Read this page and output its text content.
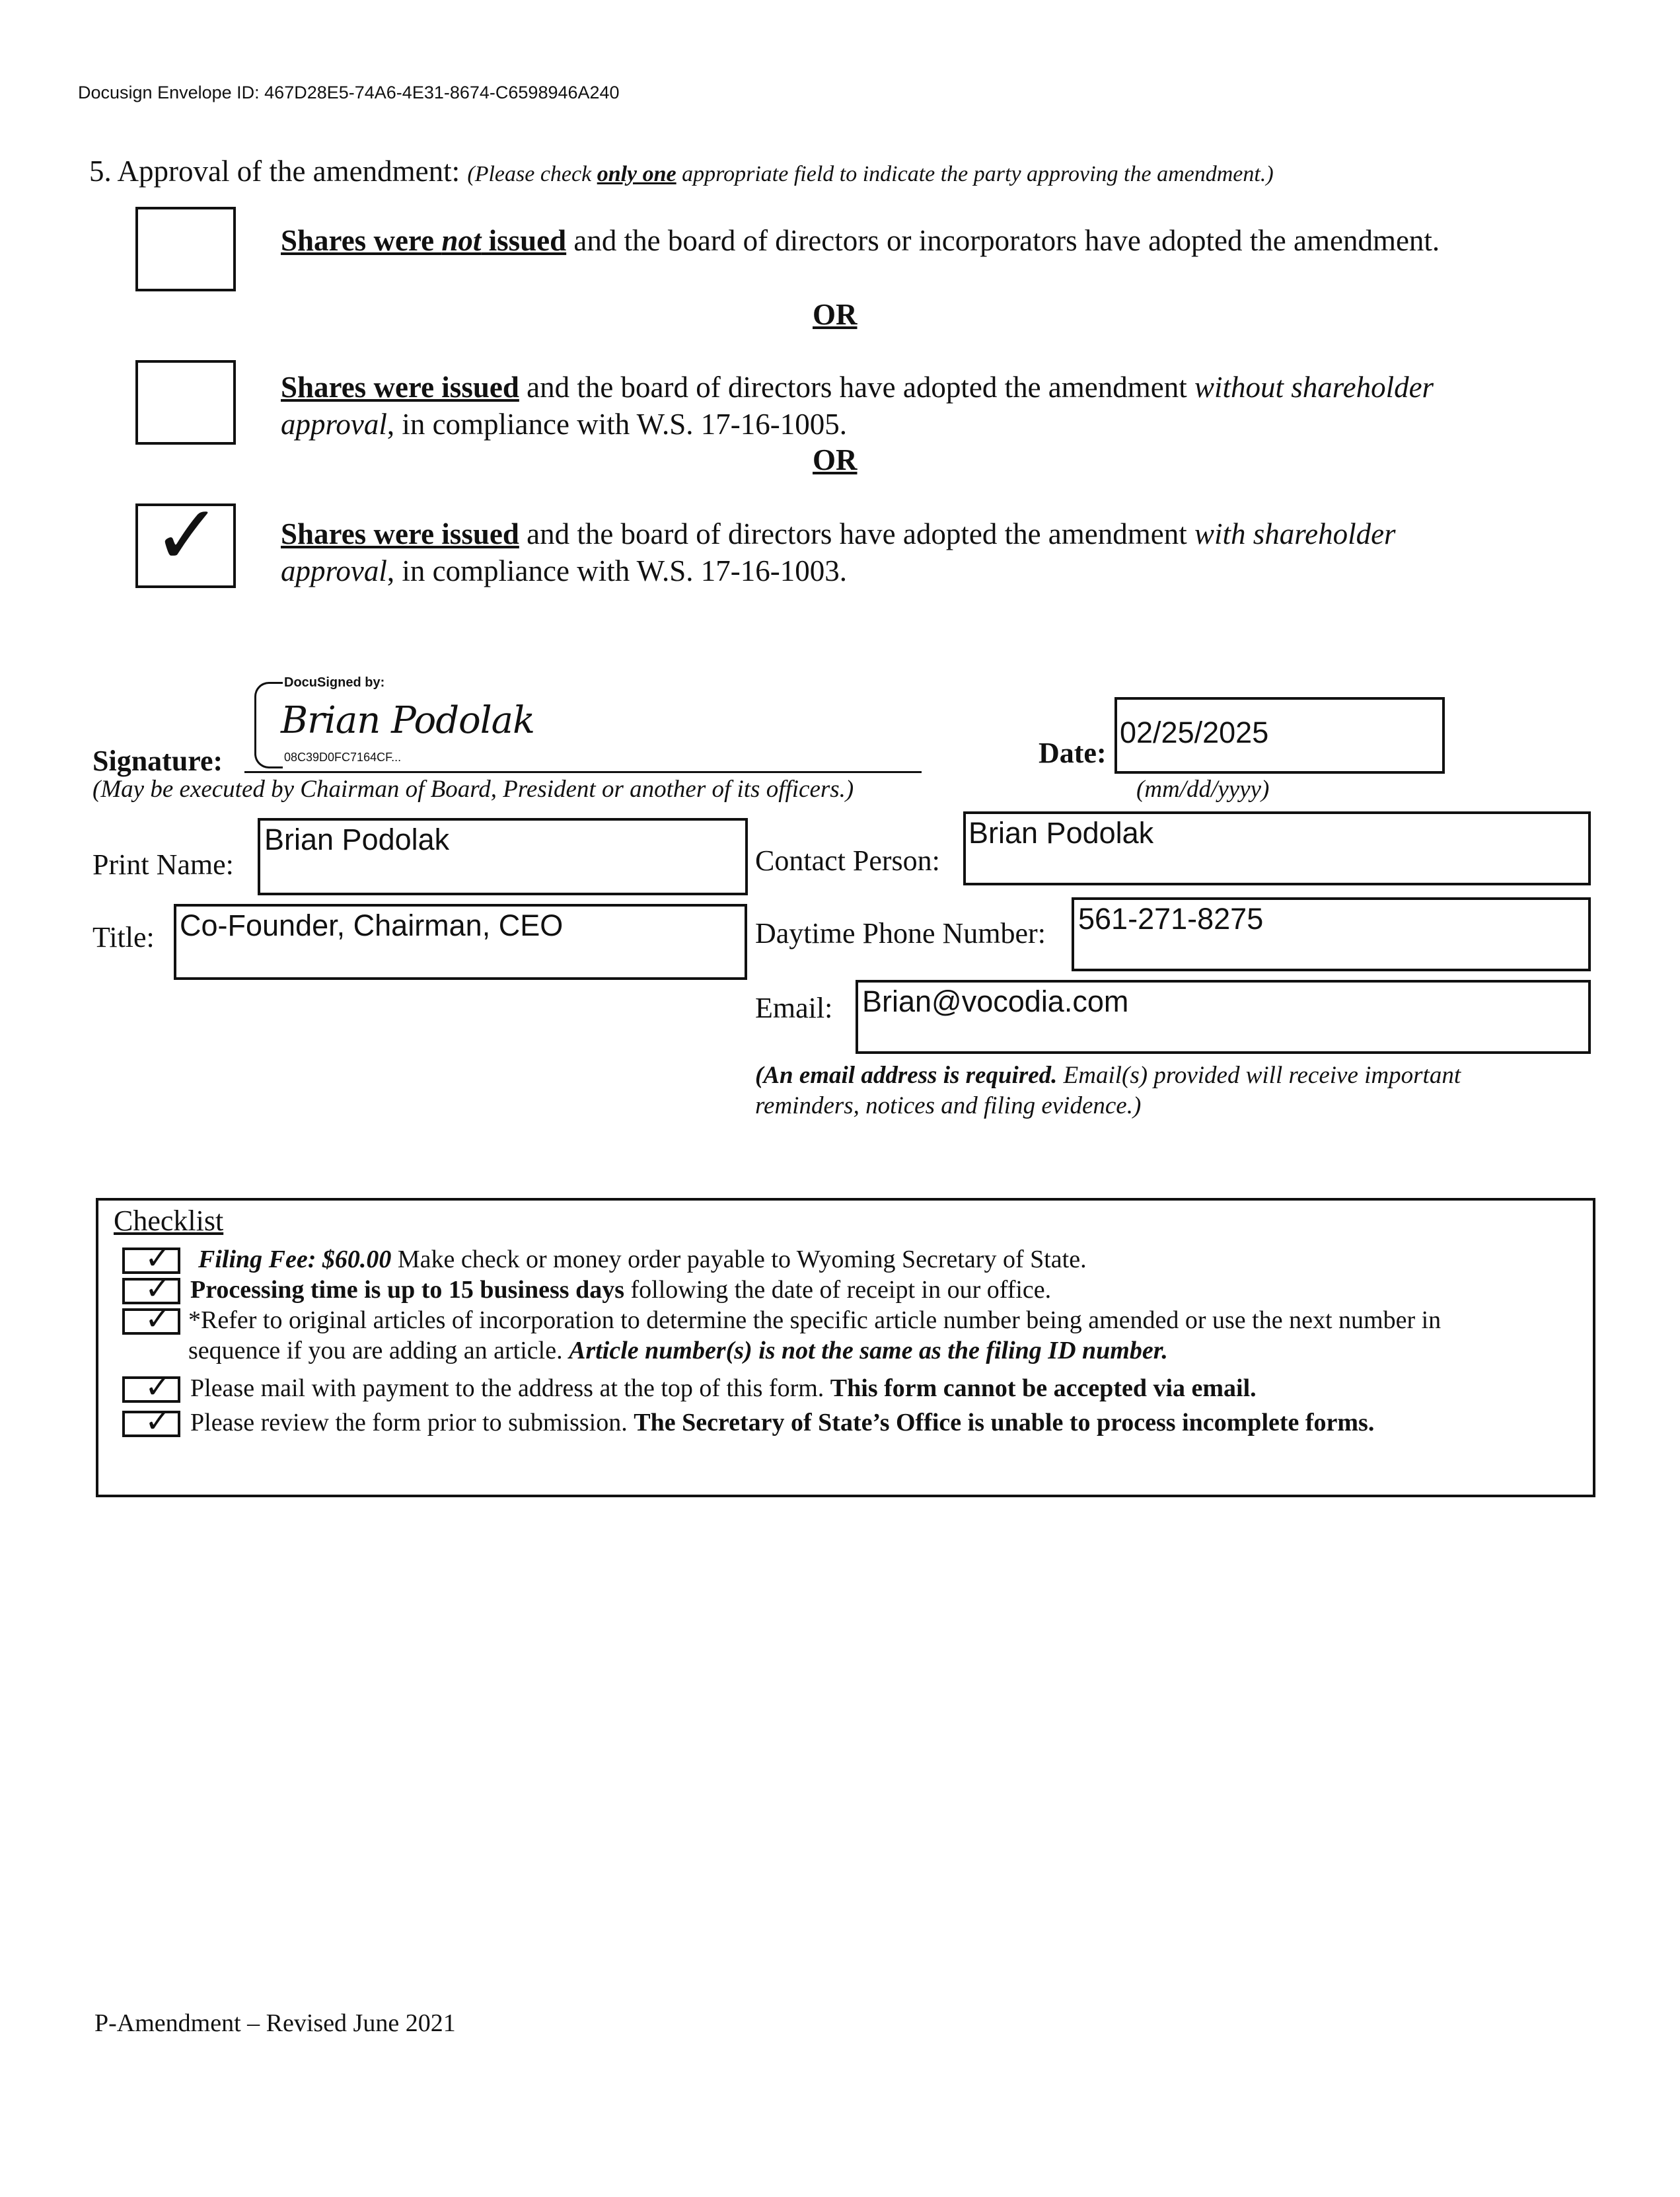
Docusign Envelope ID: 467D28E5-74A6-4E31-8674-C6598946A240
5. Approval of the amendment: (Please check only one appropriate field to indicate the party approving the amendment.)
Shares were not issued and the board of directors or incorporators have adopted the amendment.
OR
Shares were issued and the board of directors have adopted the amendment without shareholder
approval, in compliance with W.S. 17-16-1005.
OR
✓ Shares were issued and the board of directors have adopted the amendment with shareholder
approval, in compliance with W.S. 17-16-1003.
DocuSigned by:
Brian Podolak
08C39D0FC7164CF...
Signature:
(May be executed by Chairman of Board, President or another of its officers.)
Date:
02/25/2025
(mm/dd/yyyy)
Print Name:
Brian Podolak
Contact Person:
Brian Podolak
Title: Co-Founder, Chairman, CEO	Daytime Phone Number: 561-271-8275
Email: Brian@vocodia.com
(An email address is required. Email(s) provided will receive important
reminders, notices and filing evidence.)
Checklist
✓ Filing Fee: $60.00 Make check or money order payable to Wyoming Secretary of State.
✓ Processing time is up to 15 business days following the date of receipt in our office.
✓ *Refer to original articles of incorporation to determine the specific article number being amended or use the next number in
sequence if you are adding an article. Article number(s) is not the same as the filing ID number.
✓ Please mail with payment to the address at the top of this form. This form cannot be accepted via email.
✓ Please review the form prior to submission. The Secretary of State’s Office is unable to process incomplete forms.
P-Amendment – Revised June 2021
